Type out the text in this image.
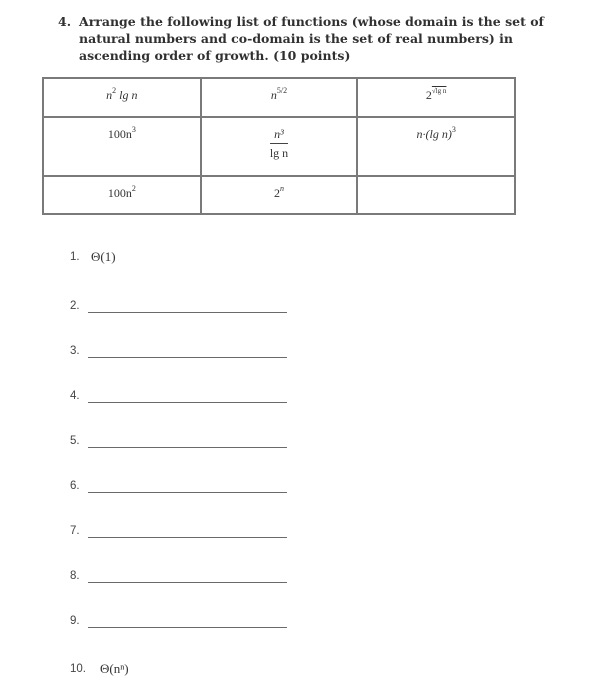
4. Arrange the following list of functions (whose domain is the set of natural numbers and co-domain is the set of real numbers) in ascending order of growth. (10 points)
$n^2$ lg n	$n^{5/2}$	$2^{√lg n}$
$100n^3$	$\frac{\text{n³}}{\text{lg n}}$	n·(lg n)$^3$
$100n^2$	2$^n$	
1. Θ(1)
2.
3.
4.
5.
6.
7.
8.
9.
10. Θ(nⁿ)
